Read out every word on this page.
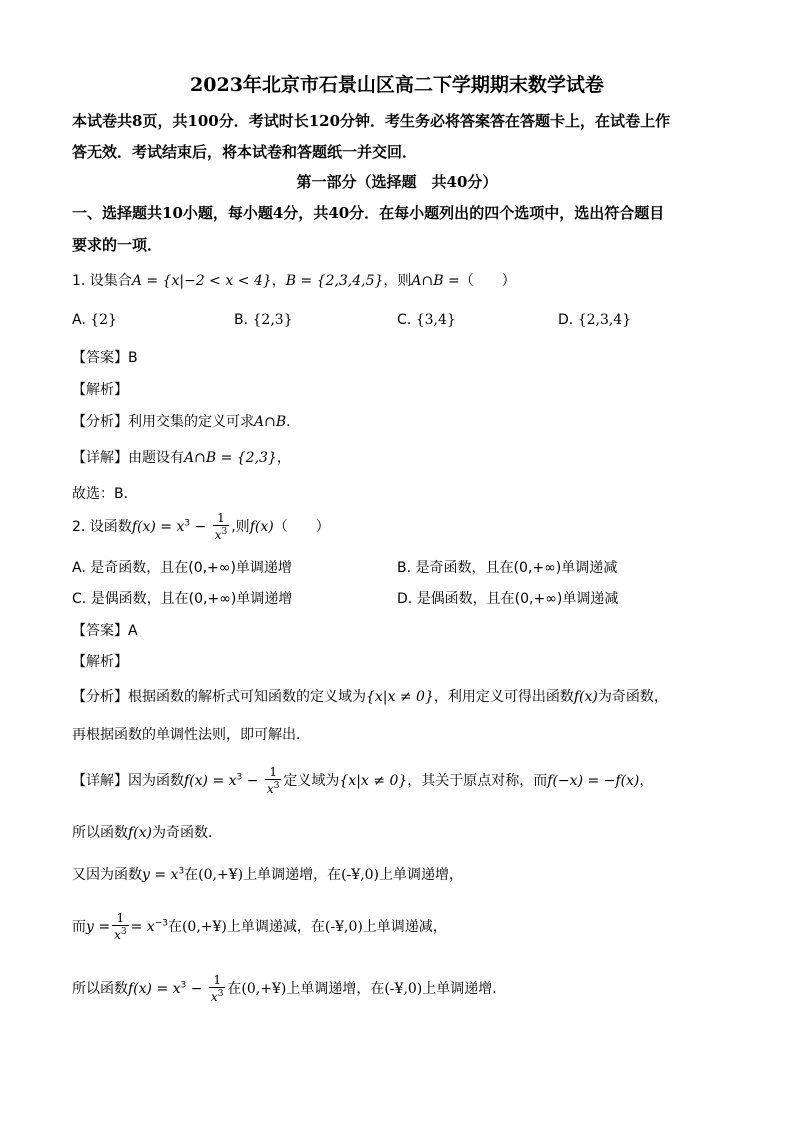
2023年北京市石景山区高二下学期期末数学试卷
本试卷共8页，共100分．考试时长120分钟．考生务必将答案答在答题卡上，在试卷上作
答无效．考试结束后，将本试卷和答题纸一并交回．
第一部分（选择题　共40分）
一、选择题共10小题，每小题4分，共40分．在每小题列出的四个选项中，选出符合题目
要求的一项．
1. 设集合A = {x|−2 < x < 4}，B = {2,3,4,5}，则A∩B =（　　）
A. {2}	B. {2,3}	C. {3,4}	D. {2,3,4}
【答案】B
【解析】
【分析】利用交集的定义可求A∩B．
【详解】由题设有A∩B = {2,3}，
故选：B．
2. 设函数$f(x) = x^3 - \frac{1}{x^3}$ ,则f(x)（　　）
A. 是奇函数，且在(0,+∞)单调递增	B. 是奇函数，且在(0,+∞)单调递减
C. 是偶函数，且在(0,+∞)单调递增	D. 是偶函数，且在(0,+∞)单调递减
【答案】A
【解析】
【分析】根据函数的解析式可知函数的定义域为{x|x ≠ 0}，利用定义可得出函数f(x)为奇函数，
再根据函数的单调性法则，即可解出．
【详解】因为函数$f(x) = x^3 - \frac{1}{x^3}$ 定义域为{x|x ≠ 0}，其关于原点对称，而f(−x) = −f(x)，
所以函数f(x)为奇函数．
又因为函数$y = x^3$在(0,+¥)上单调递增，在(-¥,0)上单调递增，
而$y = \frac{1}{x^3} = x^{-3}$在(0,+¥)上单调递减，在(-¥,0)上单调递减，
所以函数$f(x) = x^3 - \frac{1}{x^3}$ 在(0,+¥)上单调递增，在(-¥,0)上单调递增．
